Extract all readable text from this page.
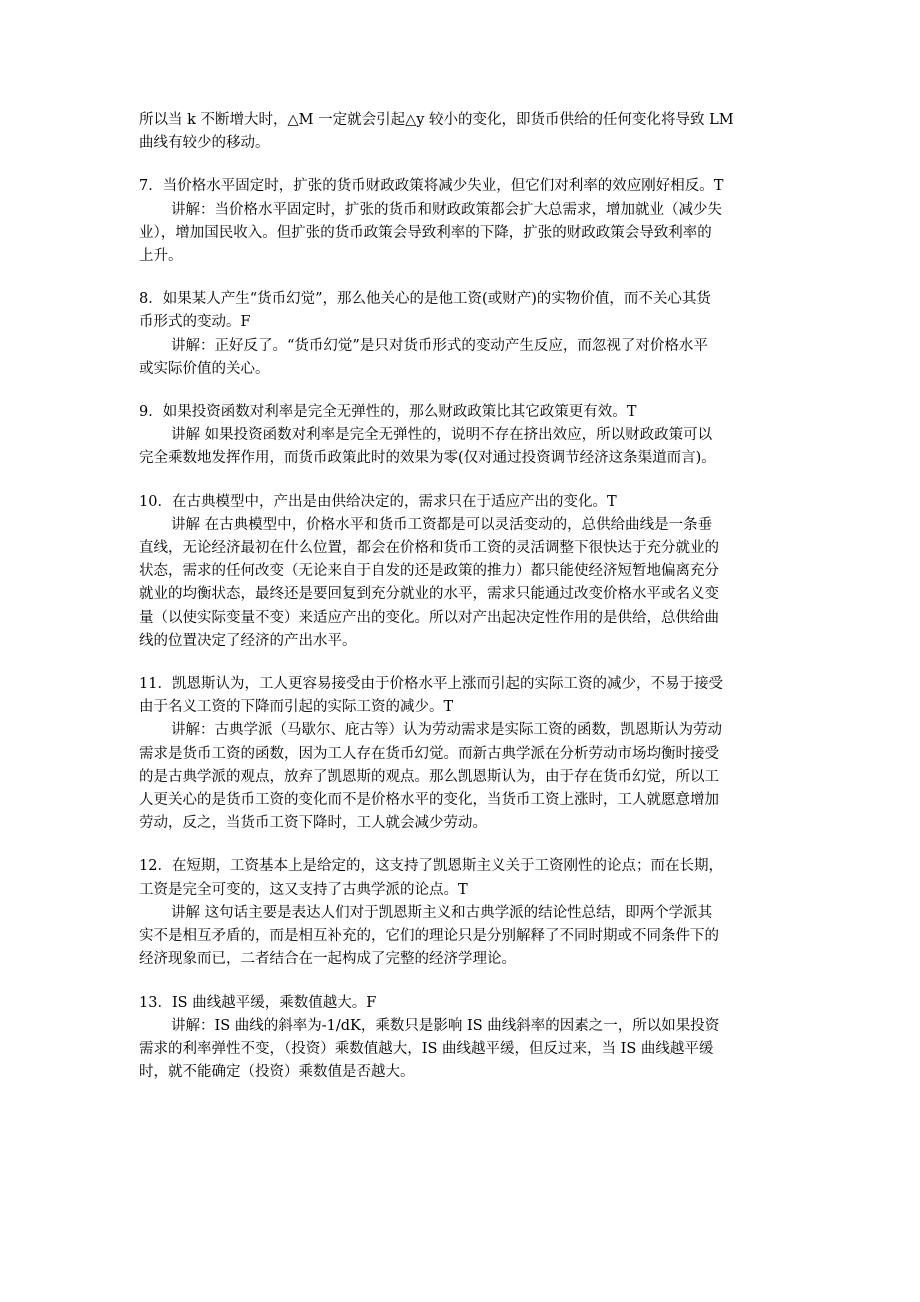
所以当 k 不断增大时，△M 一定就会引起△y 较小的变化，即货币供给的任何变化将导致 LM

曲线有较少的移动。

7．当价格水平固定时，扩张的货币财政政策将减少失业，但它们对利率的效应刚好相反。T

讲解：当价格水平固定时，扩张的货币和财政政策都会扩大总需求，增加就业（减少失

业），增加国民收入。但扩张的货币政策会导致利率的下降，扩张的财政政策会导致利率的

上升。

8．如果某人产生“货币幻觉”，那么他关心的是他工资(或财产)的实物价值，而不关心其货

币形式的变动。F

讲解：正好反了。“货币幻觉”是只对货币形式的变动产生反应，而忽视了对价格水平

或实际价值的关心。

9．如果投资函数对利率是完全无弹性的，那么财政政策比其它政策更有效。T

讲解 如果投资函数对利率是完全无弹性的，说明不存在挤出效应，所以财政政策可以

完全乘数地发挥作用，而货币政策此时的效果为零(仅对通过投资调节经济这条渠道而言)。

10．在古典模型中，产出是由供给决定的，需求只在于适应产出的变化。T

讲解 在古典模型中，价格水平和货币工资都是可以灵活变动的，总供给曲线是一条垂

直线，无论经济最初在什么位置，都会在价格和货币工资的灵活调整下很快达于充分就业的

状态，需求的任何改变（无论来自于自发的还是政策的推力）都只能使经济短暂地偏离充分

就业的均衡状态，最终还是要回复到充分就业的水平，需求只能通过改变价格水平或名义变

量（以使实际变量不变）来适应产出的变化。所以对产出起决定性作用的是供给，总供给曲

线的位置决定了经济的产出水平。

11．凯恩斯认为，工人更容易接受由于价格水平上涨而引起的实际工资的减少，不易于接受

由于名义工资的下降而引起的实际工资的减少。T

讲解：古典学派（马歇尔、庇古等）认为劳动需求是实际工资的函数，凯恩斯认为劳动

需求是货币工资的函数，因为工人存在货币幻觉。而新古典学派在分析劳动市场均衡时接受

的是古典学派的观点，放弃了凯恩斯的观点。那么凯恩斯认为，由于存在货币幻觉，所以工

人更关心的是货币工资的变化而不是价格水平的变化，当货币工资上涨时，工人就愿意增加

劳动，反之，当货币工资下降时，工人就会减少劳动。

12．在短期，工资基本上是给定的，这支持了凯恩斯主义关于工资刚性的论点；而在长期，

工资是完全可变的，这又支持了古典学派的论点。T

讲解 这句话主要是表达人们对于凯恩斯主义和古典学派的结论性总结，即两个学派其

实不是相互矛盾的，而是相互补充的，它们的理论只是分别解释了不同时期或不同条件下的

经济现象而已，二者结合在一起构成了完整的经济学理论。

13．IS 曲线越平缓，乘数值越大。F

讲解：IS 曲线的斜率为-1/dK，乘数只是影响 IS 曲线斜率的因素之一，所以如果投资

需求的利率弹性不变，（投资）乘数值越大，IS 曲线越平缓，但反过来，当 IS 曲线越平缓

时，就不能确定（投资）乘数值是否越大。
